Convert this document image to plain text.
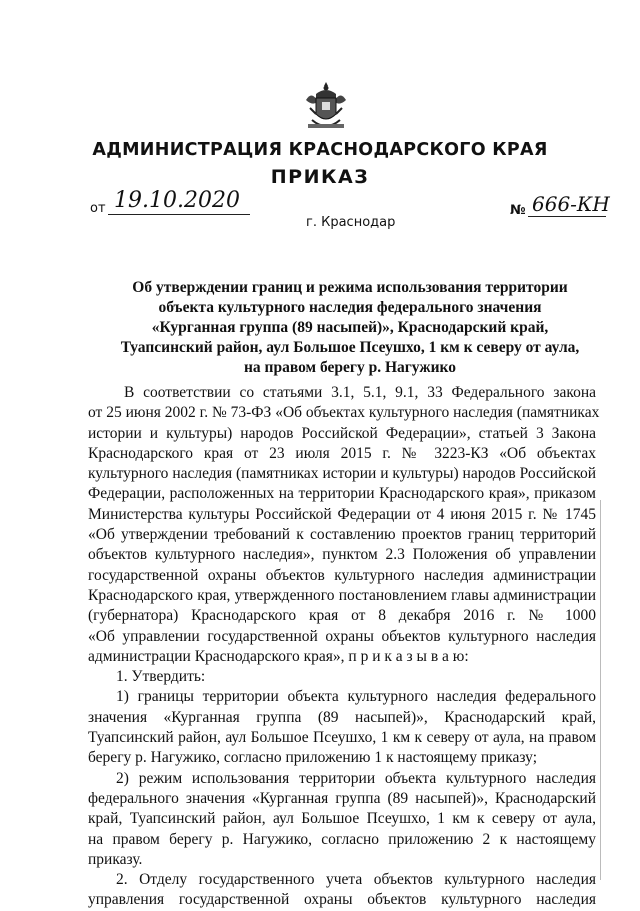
АДМИНИСТРАЦИЯ КРАСНОДАРСКОГО КРАЯ
ПРИКАЗ
от 19.10.2020
г. Краснодар
№ 666-КН
Об утверждении границ и режима использования территории
объекта культурного наследия федерального значения
«Курганная группа (89 насыпей)», Краснодарский край,
Туапсинский район, аул Большое Псеушхо, 1 км к северу от аула,
на правом берегу р. Нагужико
В соответствии со статьями 3.1, 5.1, 9.1, 33 Федерального закона
от 25 июня 2002 г. № 73-ФЗ «Об объектах культурного наследия (памятниках
истории и культуры) народов Российской Федерации», статьей 3 Закона
Краснодарского края от 23 июля 2015 г. № 3223-КЗ «Об объектах
культурного наследия (памятниках истории и культуры) народов Российской
Федерации, расположенных на территории Краснодарского края», приказом
Министерства культуры Российской Федерации от 4 июня 2015 г. № 1745
«Об утверждении требований к составлению проектов границ территорий
объектов культурного наследия», пунктом 2.3 Положения об управлении
государственной охраны объектов культурного наследия администрации
Краснодарского края, утвержденного постановлением главы администрации
(губернатора) Краснодарского края от 8 декабря 2016 г. № 1000
«Об управлении государственной охраны объектов культурного наследия
администрации Краснодарского края», п р и к а з ы в а ю:
1. Утвердить:
1) границы территории объекта культурного наследия федерального
значения «Курганная группа (89 насыпей)», Краснодарский край,
Туапсинский район, аул Большое Псеушхо, 1 км к северу от аула, на правом
берегу р. Нагужико, согласно приложению 1 к настоящему приказу;
2) режим использования территории объекта культурного наследия
федерального значения «Курганная группа (89 насыпей)», Краснодарский
край, Туапсинский район, аул Большое Псеушхо, 1 км к северу от аула,
на правом берегу р. Нагужико, согласно приложению 2 к настоящему
приказу.
2. Отделу государственного учета объектов культурного наследия
управления государственной охраны объектов культурного наследия
